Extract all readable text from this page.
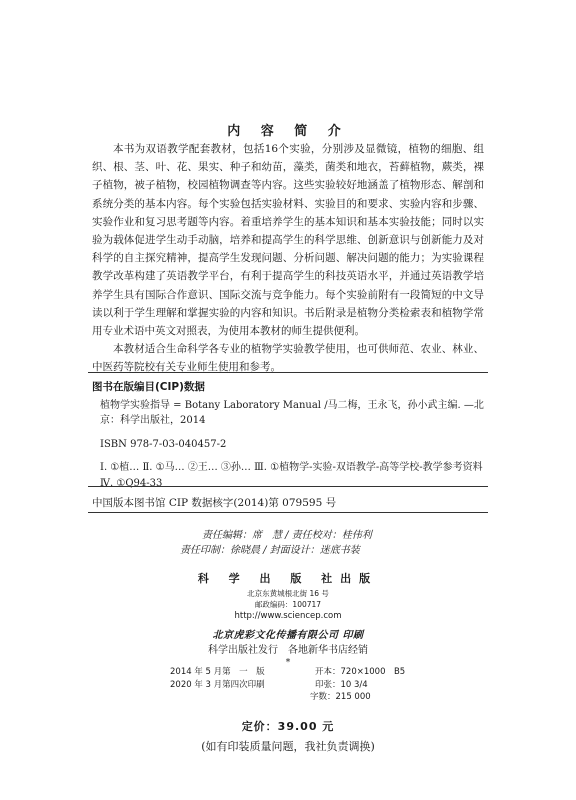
内 容 简 介

本书为双语教学配套教材，包括16个实验，分别涉及显微镜，植物的细胞、组织、根、茎、叶、花、果实、种子和幼苗，藻类，菌类和地衣，苔藓植物，蕨类，裸子植物，被子植物，校园植物调查等内容。这些实验较好地涵盖了植物形态、解剖和系统分类的基本内容。每个实验包括实验材料、实验目的和要求、实验内容和步骤、实验作业和复习思考题等内容。着重培养学生的基本知识和基本实验技能；同时以实验为载体促进学生动手动脑，培养和提高学生的科学思维、创新意识与创新能力及对科学的自主探究精神，提高学生发现问题、分析问题、解决问题的能力；为实验课程教学改革构建了英语教学平台，有利于提高学生的科技英语水平，并通过英语教学培养学生具有国际合作意识、国际交流与竞争能力。每个实验前附有一段简短的中文导读以利于学生理解和掌握实验的内容和知识。书后附录是植物分类检索表和植物学常用专业术语中英文对照表，为使用本教材的师生提供便利。

本教材适合生命科学各专业的植物学实验教学使用，也可供师范、农业、林业、中医药等院校有关专业师生使用和参考。

图书在版编目(CIP)数据
植物学实验指导 = Botany Laboratory Manual /马二梅，王永飞，孙小武主编. —北京：科学出版社，2014
ISBN 978-7-03-040457-2
Ⅰ. ①植… Ⅱ. ①马… ②王… ③孙… Ⅲ. ①植物学-实验-双语教学-高等学校-教学参考资料 Ⅳ. ①Q94-33
中国版本图书馆 CIP 数据核字(2014)第 079595 号
责任编辑：席　慧 / 责任校对：桂伟利
责任印制：徐晓晨 / 封面设计：迷底书装
科 学 出 版 社出版
北京东黄城根北街 16 号
邮政编码：100717
http://www.sciencep.com
北京虎彩文化传播有限公司 印刷
科学出版社发行　各地新华书店经销
*
2014 年 5 月第　一　版	开本：720×1000　B5
2020 年 3 月第四次印刷	印张：10 3/4
字数：215 000
定价：39.00 元
(如有印装质量问题，我社负责调换)
